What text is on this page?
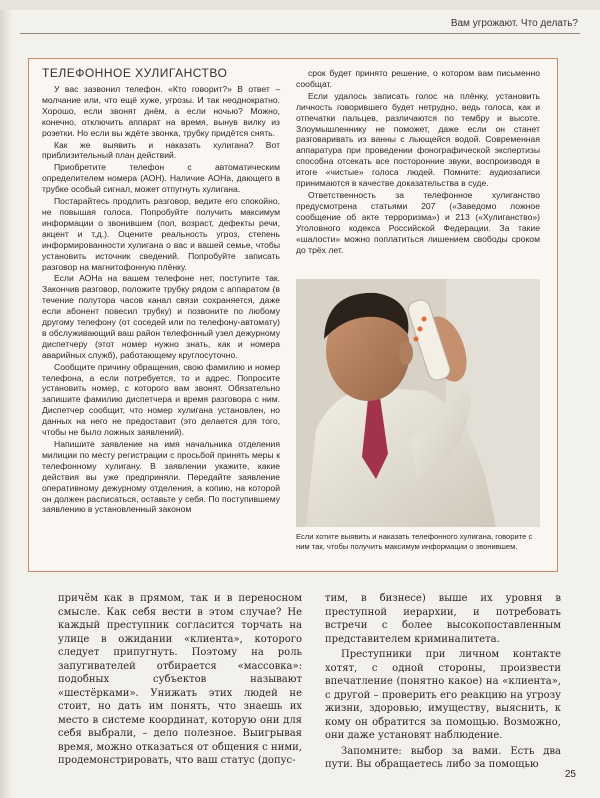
Вам угрожают. Что делать?
ТЕЛЕФОННОЕ ХУЛИГАНСТВО

У вас зазвонил телефон. «Кто говорит?» В ответ – молчание или, что ещё хуже, угрозы. И так неоднократно. Хорошо, если звонят днём, а если ночью? Можно, конечно, отключить аппарат на время, вынув вилку из розетки. Но если вы ждёте звонка, трубку придётся снять.

Как же выявить и наказать хулигана? Вот приблизительный план действий.

Приобретите телефон с автоматическим определителем номера (АОН). Наличие АОНа, дающего в трубке особый сигнал, может отпугнуть хулигана.

Постарайтесь продлить разговор, ведите его спокойно, не повышая голоса. Попробуйте получить максимум информации о звонившем (пол, возраст, дефекты речи, акцент и т.д.). Оцените реальность угроз, степень информированности хулигана о вас и вашей семье, чтобы установить источник сведений. Попробуйте записать разговор на магнитофонную плёнку.

Если АОНа на вашем телефоне нет, поступите так. Закончив разговор, положите трубку рядом с аппаратом (в течение полутора часов канал связи сохраняется, даже если абонент повесил трубку) и позвоните по любому другому телефону (от соседей или по телефону-автомату) в обслуживающий ваш район телефонный узел дежурному диспетчеру (этот номер нужно знать, как и номера аварийных служб), работающему круглосуточно.

Сообщите причину обращения, свою фамилию и номер телефона, а если потребуется, то и адрес. Попросите установить номер, с которого вам звонят. Обязательно запишите фамилию диспетчера и время разговора с ним. Диспетчер сообщит, что номер хулигана установлен, но данных на него не предоставит (это делается для того, чтобы не было ложных заявлений).

Напишите заявление на имя начальника отделения милиции по месту регистрации с просьбой принять меры к телефонному хулигану. В заявлении укажите, какие действия вы уже предприняли. Передайте заявление оперативному дежурному отделения, а копию, на которой он должен расписаться, оставьте у себя. По поступившему заявлению в установленный законом

срок будет принято решение, о котором вам письменно сообщат.

Если удалось записать голос на плёнку, установить личность говорившего будет нетрудно, ведь голоса, как и отпечатки пальцев, различаются по тембру и высоте. Злоумышленнику не поможет, даже если он станет разговаривать из ванны с льющейся водой. Современная аппаратура при проведении фонографической экспертизы способна отсекать все посторонние звуки, воспроизводя в итоге «чистые» голоса людей. Помните: аудиозаписи принимаются в качестве доказательства в суде.

Ответственность за телефонное хулиганство предусмотрена статьями 207 («Заведомо ложное сообщение об акте терроризма») и 213 («Хулиганство») Уголовного кодекса Российской Федерации. За такие «шалости» можно поплатиться лишением свободы сроком до трёх лет.

Если хотите выявить и наказать телефонного хулигана, говорите с ним так, чтобы получить максимум информации о звонившем.

причём как в прямом, так и в переносном смысле. Как себя вести в этом случае? Не каждый преступник согласится торчать на улице в ожидании «клиента», которого следует припугнуть. Поэтому на роль запугивателей отбирается «массовка»: подобных субъектов называют «шестёрками». Унижать этих людей не стоит, но дать им понять, что знаешь их место в системе координат, которую они для себя выбрали, – дело полезное. Выигрывая время, можно отказаться от общения с ними, продемонстрировать, что ваш статус (допус-

тим, в бизнесе) выше их уровня в преступной иерархии, и потребовать встречи с более высокопоставленным представителем криминалитета.

Преступники при личном контакте хотят, с одной стороны, произвести впечатление (понятно какое) на «клиента», с другой – проверить его реакцию на угрозу жизни, здоровью, имуществу, выяснить, к кому он обратится за помощью. Возможно, они даже установят наблюдение.

Запомните: выбор за вами. Есть два пути. Вы обращаетесь либо за помощью

25
